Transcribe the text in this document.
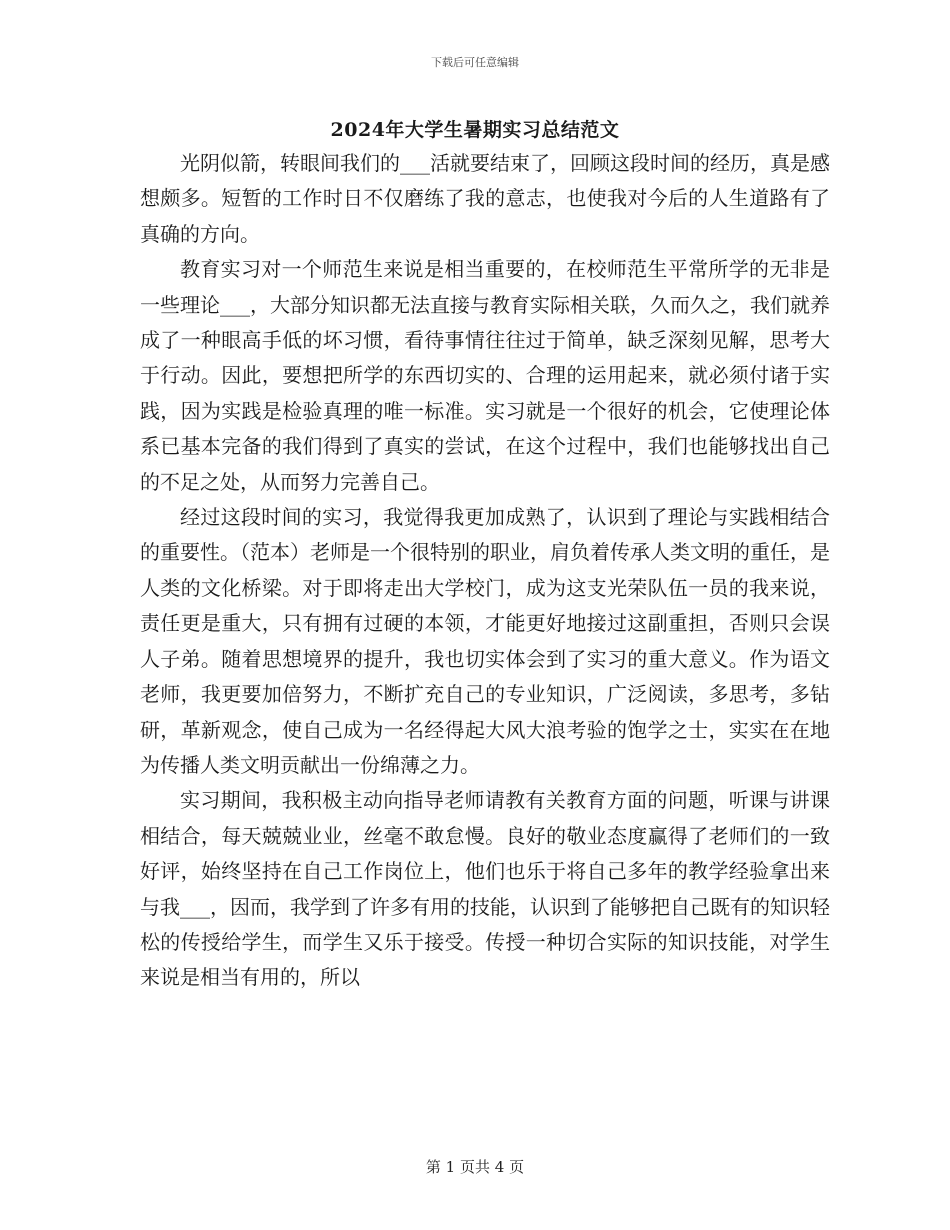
下载后可任意编辑
2024年大学生暑期实习总结范文

光阴似箭，转眼间我们的___活就要结束了，回顾这段时间的经历，真是感想颇多。短暂的工作时日不仅磨练了我的意志，也使我对今后的人生道路有了真确的方向。

教育实习对一个师范生来说是相当重要的，在校师范生平常所学的无非是一些理论___，大部分知识都无法直接与教育实际相关联，久而久之，我们就养成了一种眼高手低的坏习惯，看待事情往往过于简单，缺乏深刻见解，思考大于行动。因此，要想把所学的东西切实的、合理的运用起来，就必须付诸于实践，因为实践是检验真理的唯一标准。实习就是一个很好的机会，它使理论体系已基本完备的我们得到了真实的尝试，在这个过程中，我们也能够找出自己的不足之处，从而努力完善自己。

经过这段时间的实习，我觉得我更加成熟了，认识到了理论与实践相结合的重要性。（范本）老师是一个很特别的职业，肩负着传承人类文明的重任，是人类的文化桥梁。对于即将走出大学校门，成为这支光荣队伍一员的我来说，责任更是重大，只有拥有过硬的本领，才能更好地接过这副重担，否则只会误人子弟。随着思想境界的提升，我也切实体会到了实习的重大意义。作为语文老师，我更要加倍努力，不断扩充自己的专业知识，广泛阅读，多思考，多钻研，革新观念，使自己成为一名经得起大风大浪考验的饱学之士，实实在在地为传播人类文明贡献出一份绵薄之力。

实习期间，我积极主动向指导老师请教有关教育方面的问题，听课与讲课相结合，每天兢兢业业，丝毫不敢怠慢。良好的敬业态度赢得了老师们的一致好评，始终坚持在自己工作岗位上，他们也乐于将自己多年的教学经验拿出来与我___，因而，我学到了许多有用的技能，认识到了能够把自己既有的知识轻松的传授给学生，而学生又乐于接受。传授一种切合实际的知识技能，对学生来说是相当有用的，所以

第 1 页共 4 页
